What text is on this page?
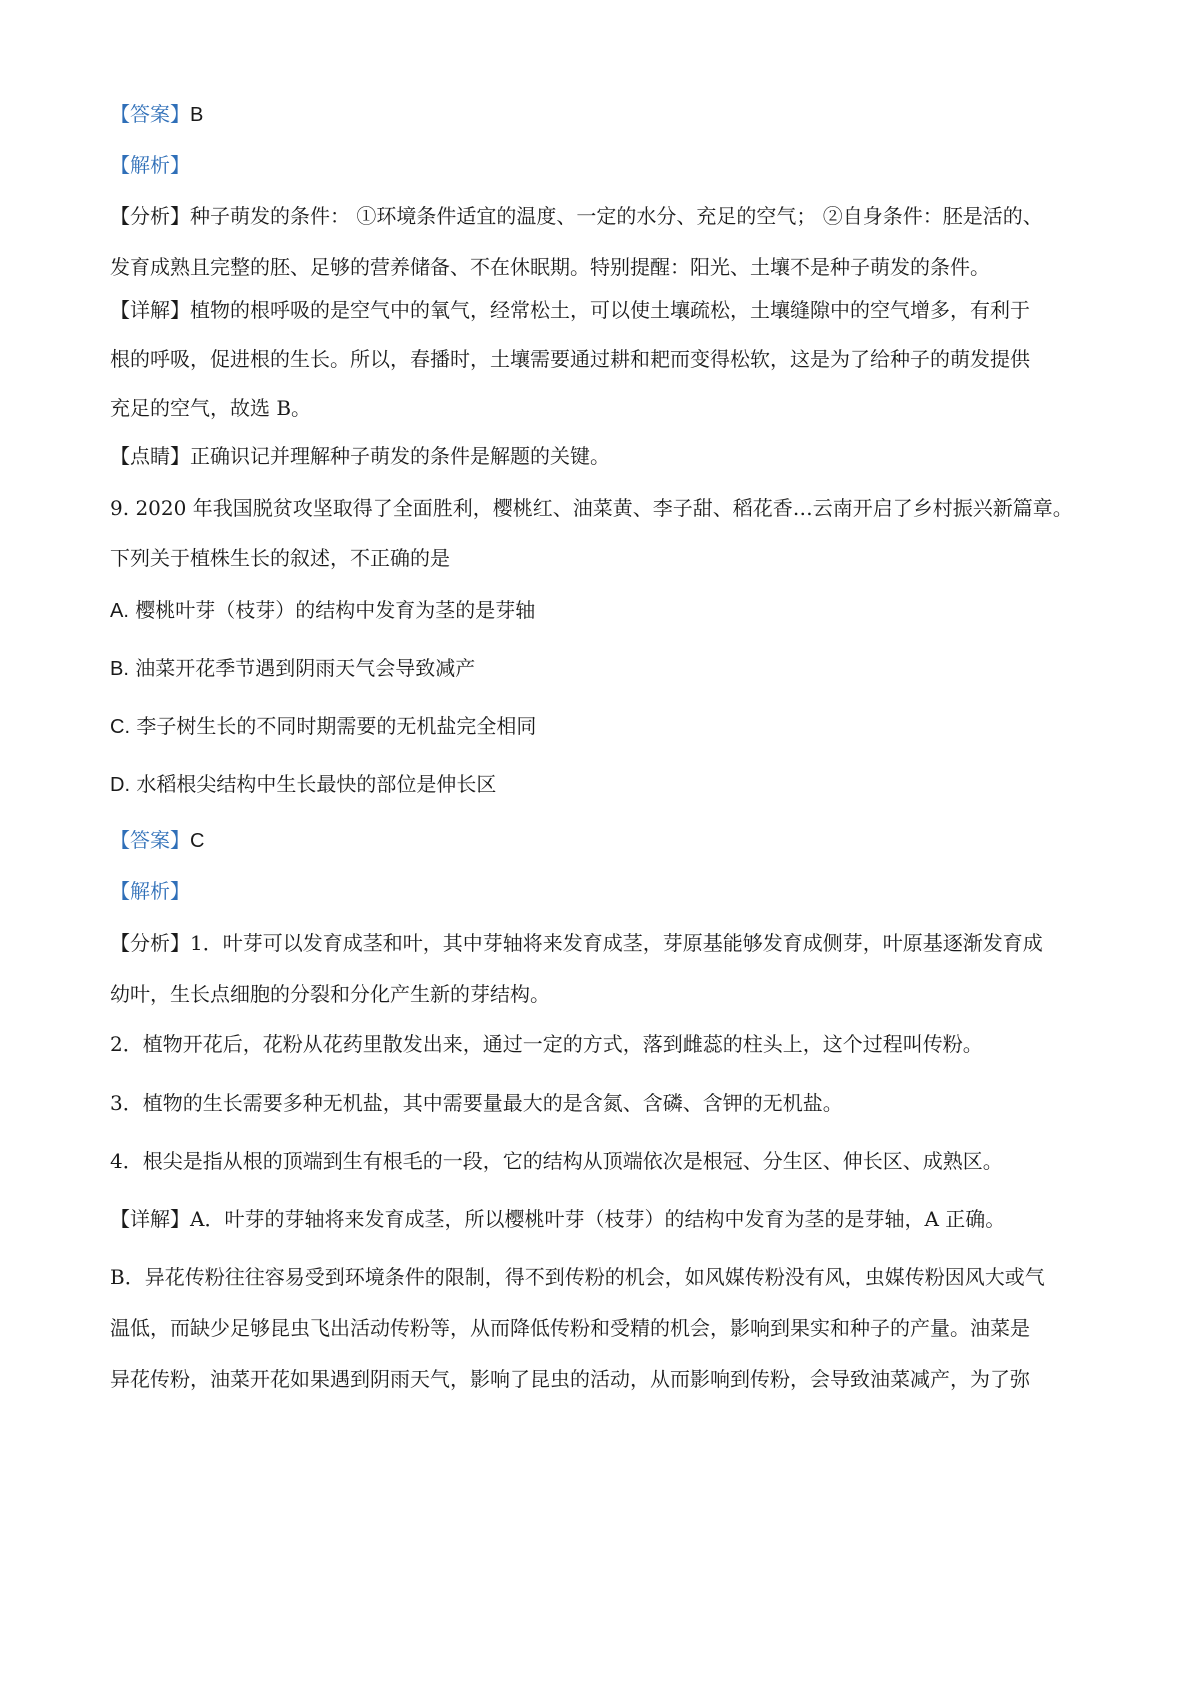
【答案】B
【解析】
【分析】种子萌发的条件： ①环境条件适宜的温度、一定的水分、充足的空气； ②自身条件：胚是活的、
发育成熟且完整的胚、足够的营养储备、不在休眠期。特别提醒：阳光、土壤不是种子萌发的条件。
【详解】植物的根呼吸的是空气中的氧气，经常松土，可以使土壤疏松，土壤缝隙中的空气增多，有利于
根的呼吸，促进根的生长。所以，春播时，土壤需要通过耕和耙而变得松软，这是为了给种子的萌发提供
充足的空气，故选 B。
【点睛】正确识记并理解种子萌发的条件是解题的关键。
9. 2020 年我国脱贫攻坚取得了全面胜利，樱桃红、油菜黄、李子甜、稻花香…云南开启了乡村振兴新篇章。
下列关于植株生长的叙述，不正确的是
A. 樱桃叶芽（枝芽）的结构中发育为茎的是芽轴
B. 油菜开花季节遇到阴雨天气会导致减产
C. 李子树生长的不同时期需要的无机盐完全相同
D. 水稻根尖结构中生长最快的部位是伸长区
【答案】C
【解析】
【分析】1．叶芽可以发育成茎和叶，其中芽轴将来发育成茎，芽原基能够发育成侧芽，叶原基逐渐发育成
幼叶，生长点细胞的分裂和分化产生新的芽结构。
2．植物开花后，花粉从花药里散发出来，通过一定的方式，落到雌蕊的柱头上，这个过程叫传粉。
3．植物的生长需要多种无机盐，其中需要量最大的是含氮、含磷、含钾的无机盐。
4．根尖是指从根的顶端到生有根毛的一段，它的结构从顶端依次是根冠、分生区、伸长区、成熟区。
【详解】A．叶芽的芽轴将来发育成茎，所以樱桃叶芽（枝芽）的结构中发育为茎的是芽轴，A 正确。
B．异花传粉往往容易受到环境条件的限制，得不到传粉的机会，如风媒传粉没有风，虫媒传粉因风大或气
温低，而缺少足够昆虫飞出活动传粉等，从而降低传粉和受精的机会，影响到果实和种子的产量。油菜是
异花传粉，油菜开花如果遇到阴雨天气，影响了昆虫的活动，从而影响到传粉，会导致油菜减产，为了弥
